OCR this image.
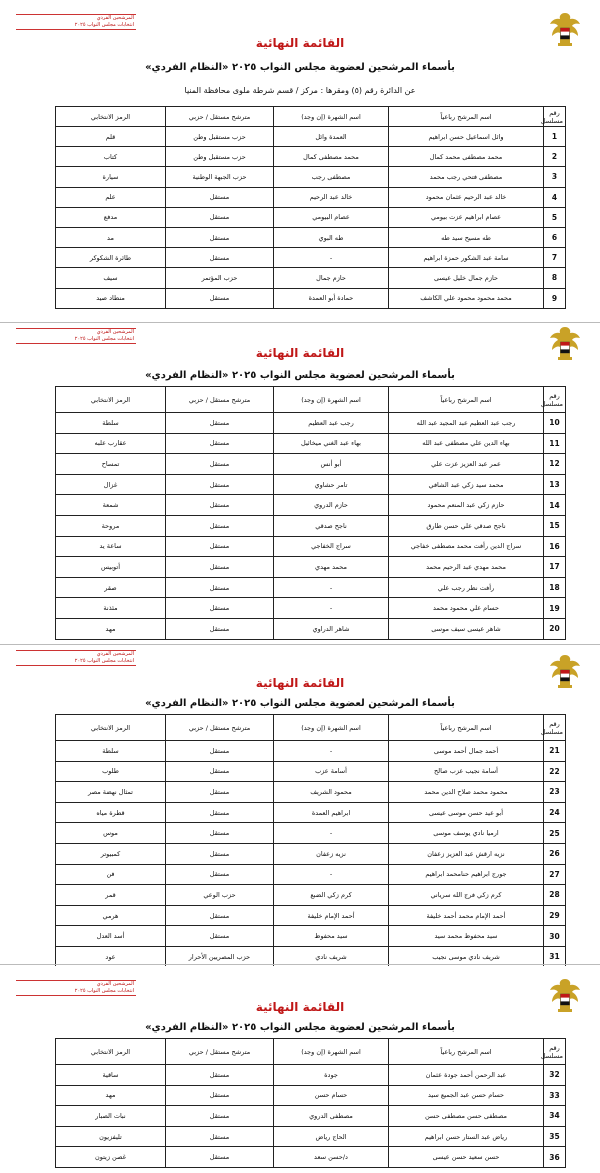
المرشحين الفردي
انتخابات مجلس النواب ٢٠٢٥
القائمة النهائية
بأسماء المرشحين لعضوية مجلس النواب ٢٠٢٥ «النظام الفردي»
عن الدائرة رقم (٥) ومقرها : مركز / قسم شرطة ملوى محافظة المنيا
رقم مسلسل	اسم المرشح رباعياً	اسم الشهرة (إن وجد)	مترشح مستقل / حزبي	الرمز الانتخابي
1	وائل اسماعيل حسن ابراهيم	العمدة وائل	حزب مستقبل وطن	قلم
2	محمد مصطفى محمد كمال	محمد مصطفى كمال	حزب مستقبل وطن	كتاب
3	مصطفى فتحي رجب محمد	مصطفى رجب	حزب الجبهة الوطنية	سيارة
4	خالد عبد الرحيم عثمان محمود	خالد عبد الرحيم	مستقل	علم
5	عصام ابراهيم عزت بيومي	عصام البيومي	مستقل	مدفع
6	طه مسيح سيد طه	طه البوي	مستقل	مد
7	سامة عبد الشكور حمزة ابراهيم	-	مستقل	طائرة الشكوكر
8	حازم جمال خليل عيسى	حازم جمال	حزب المؤتمر	سيف
9	محمد محمود محمود علي الكاشف	حمادة أبو العمدة	مستقل	منطاد صيد
المرشحين الفردي
انتخابات مجلس النواب ٢٠٢٥
القائمة النهائية
بأسماء المرشحين لعضوية مجلس النواب ٢٠٢٥ «النظام الفردي»
رقم مسلسل	اسم المرشح رباعياً	اسم الشهرة (إن وجد)	مترشح مستقل / حزبي	الرمز الانتخابي
10	رجب عبد العظيم عبد المجيد عبد الله	رجب عبد العظيم	مستقل	سلطة
11	بهاء الدين علي مصطفى عبد الله	بهاء عبد الغني ميخائيل	مستقل	عقارب علبه
12	عمر عبد العزيز عزت علي	أبو أنس	مستقل	تمساح
13	محمد سيد زكي عبد الشافي	تامر حشاوي	مستقل	غزال
14	حازم زكي عبد المنعم محمود	حازم الدروي	مستقل	شمعة
15	ناجح صدقي علي حسن طارق	ناجح صدقي	مستقل	مروحة
16	سراج الدين رأفت محمد مصطفى خفاجي	سراج الخفاجي	مستقل	ساعة يد
17	محمد مهدي عبد الرحيم محمد	محمد مهدي	مستقل	أتوبيس
18	رأفت نظر رجب علي	-	مستقل	صقر
19	حسام علي محمود محمد	-	مستقل	مئذنة
20	شاهر عيسى سيف موسى	شاهر الدراوي	مستقل	مهد
المرشحين الفردي
انتخابات مجلس النواب ٢٠٢٥
القائمة النهائية
بأسماء المرشحين لعضوية مجلس النواب ٢٠٢٥ «النظام الفردي»
رقم مسلسل	اسم المرشح رباعياً	اسم الشهرة (إن وجد)	مترشح مستقل / حزبي	الرمز الانتخابي
21	أحمد جمال أحمد موسى	-	مستقل	سلطة
22	أسامة نجيب عزب صالح	أسامة عزب	مستقل	طلوب
23	محمود محمد صلاح الدين محمد	محمود الشريف	مستقل	تمثال نهضة مصر
24	أبو عيد حسن موسى عيسى	ابراهيم العمدة	مستقل	قطرة مياه
25	ارميا نادي يوسف موسى	-	مستقل	موس
26	نزيه ارقش عبد العزيز زعفان	نزيه زعفان	مستقل	كمبيوتر
27	جورج ابراهيم حنامحمد ابراهيم	-	مستقل	فن
28	كرم زكي فرج الله سرياني	كرم زكي الضبع	حزب الوعي	قمر
29	أحمد الإمام محمد أحمد خليفة	أحمد الإمام خليفة	مستقل	هرمي
30	سيد محفوظ محمد سيد	سيد محفوظ	مستقل	أسد العدل
31	شريف نادي موسى نجيب	شريف نادي	حزب المصريين الأحرار	عود
المرشحين الفردي
انتخابات مجلس النواب ٢٠٢٥
القائمة النهائية
بأسماء المرشحين لعضوية مجلس النواب ٢٠٢٥ «النظام الفردي»
رقم مسلسل	اسم المرشح رباعياً	اسم الشهرة (إن وجد)	مترشح مستقل / حزبي	الرمز الانتخابي
32	عبد الرحمن أحمد جودة عثمان	جودة	مستقل	ساقية
33	حسام حسن عبد الجميع سيد	حسام حسن	مستقل	مهد
34	مصطفى حسن مصطفى حسن	مصطفى الدروي	مستقل	نبات الصبار
35	رياض عبد الستار حسن ابراهيم	الحاج رياض	مستقل	تليفزيون
36	حسن سعيد حسن عيسى	د/حسن سعد	مستقل	غصن زيتون
